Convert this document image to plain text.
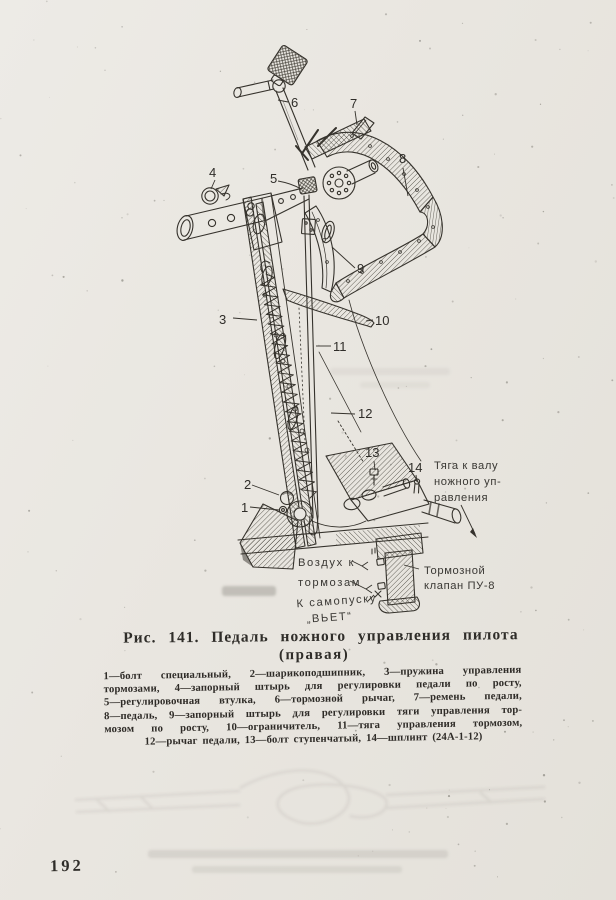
1
2
3
4	5
6	7
8
9
10
11
12
13
14 Тяга к валу
ножного уп-
равления
Воздух к
тормозам
Тормозной
клапан ПУ-8
К самопуску
„ВЬЕТ“
Рис. 141. Педаль ножного управления пилота
(правая)
1—болт специальный, 2—шарикоподшипник, 3—пружина управления
тормозами, 4—запорный штырь для регулировки педали по росту,
5—регулировочная втулка, 6—тормозной рычаг, 7—ремень педали,
8—педаль, 9—запорный штырь для регулировки тяги управления тор-
мозом по росту, 10—ограничитель, 11—тяга управления тормозом,
12—рычаг педали, 13—болт ступенчатый, 14—шплинт (24А-1-12)
192
